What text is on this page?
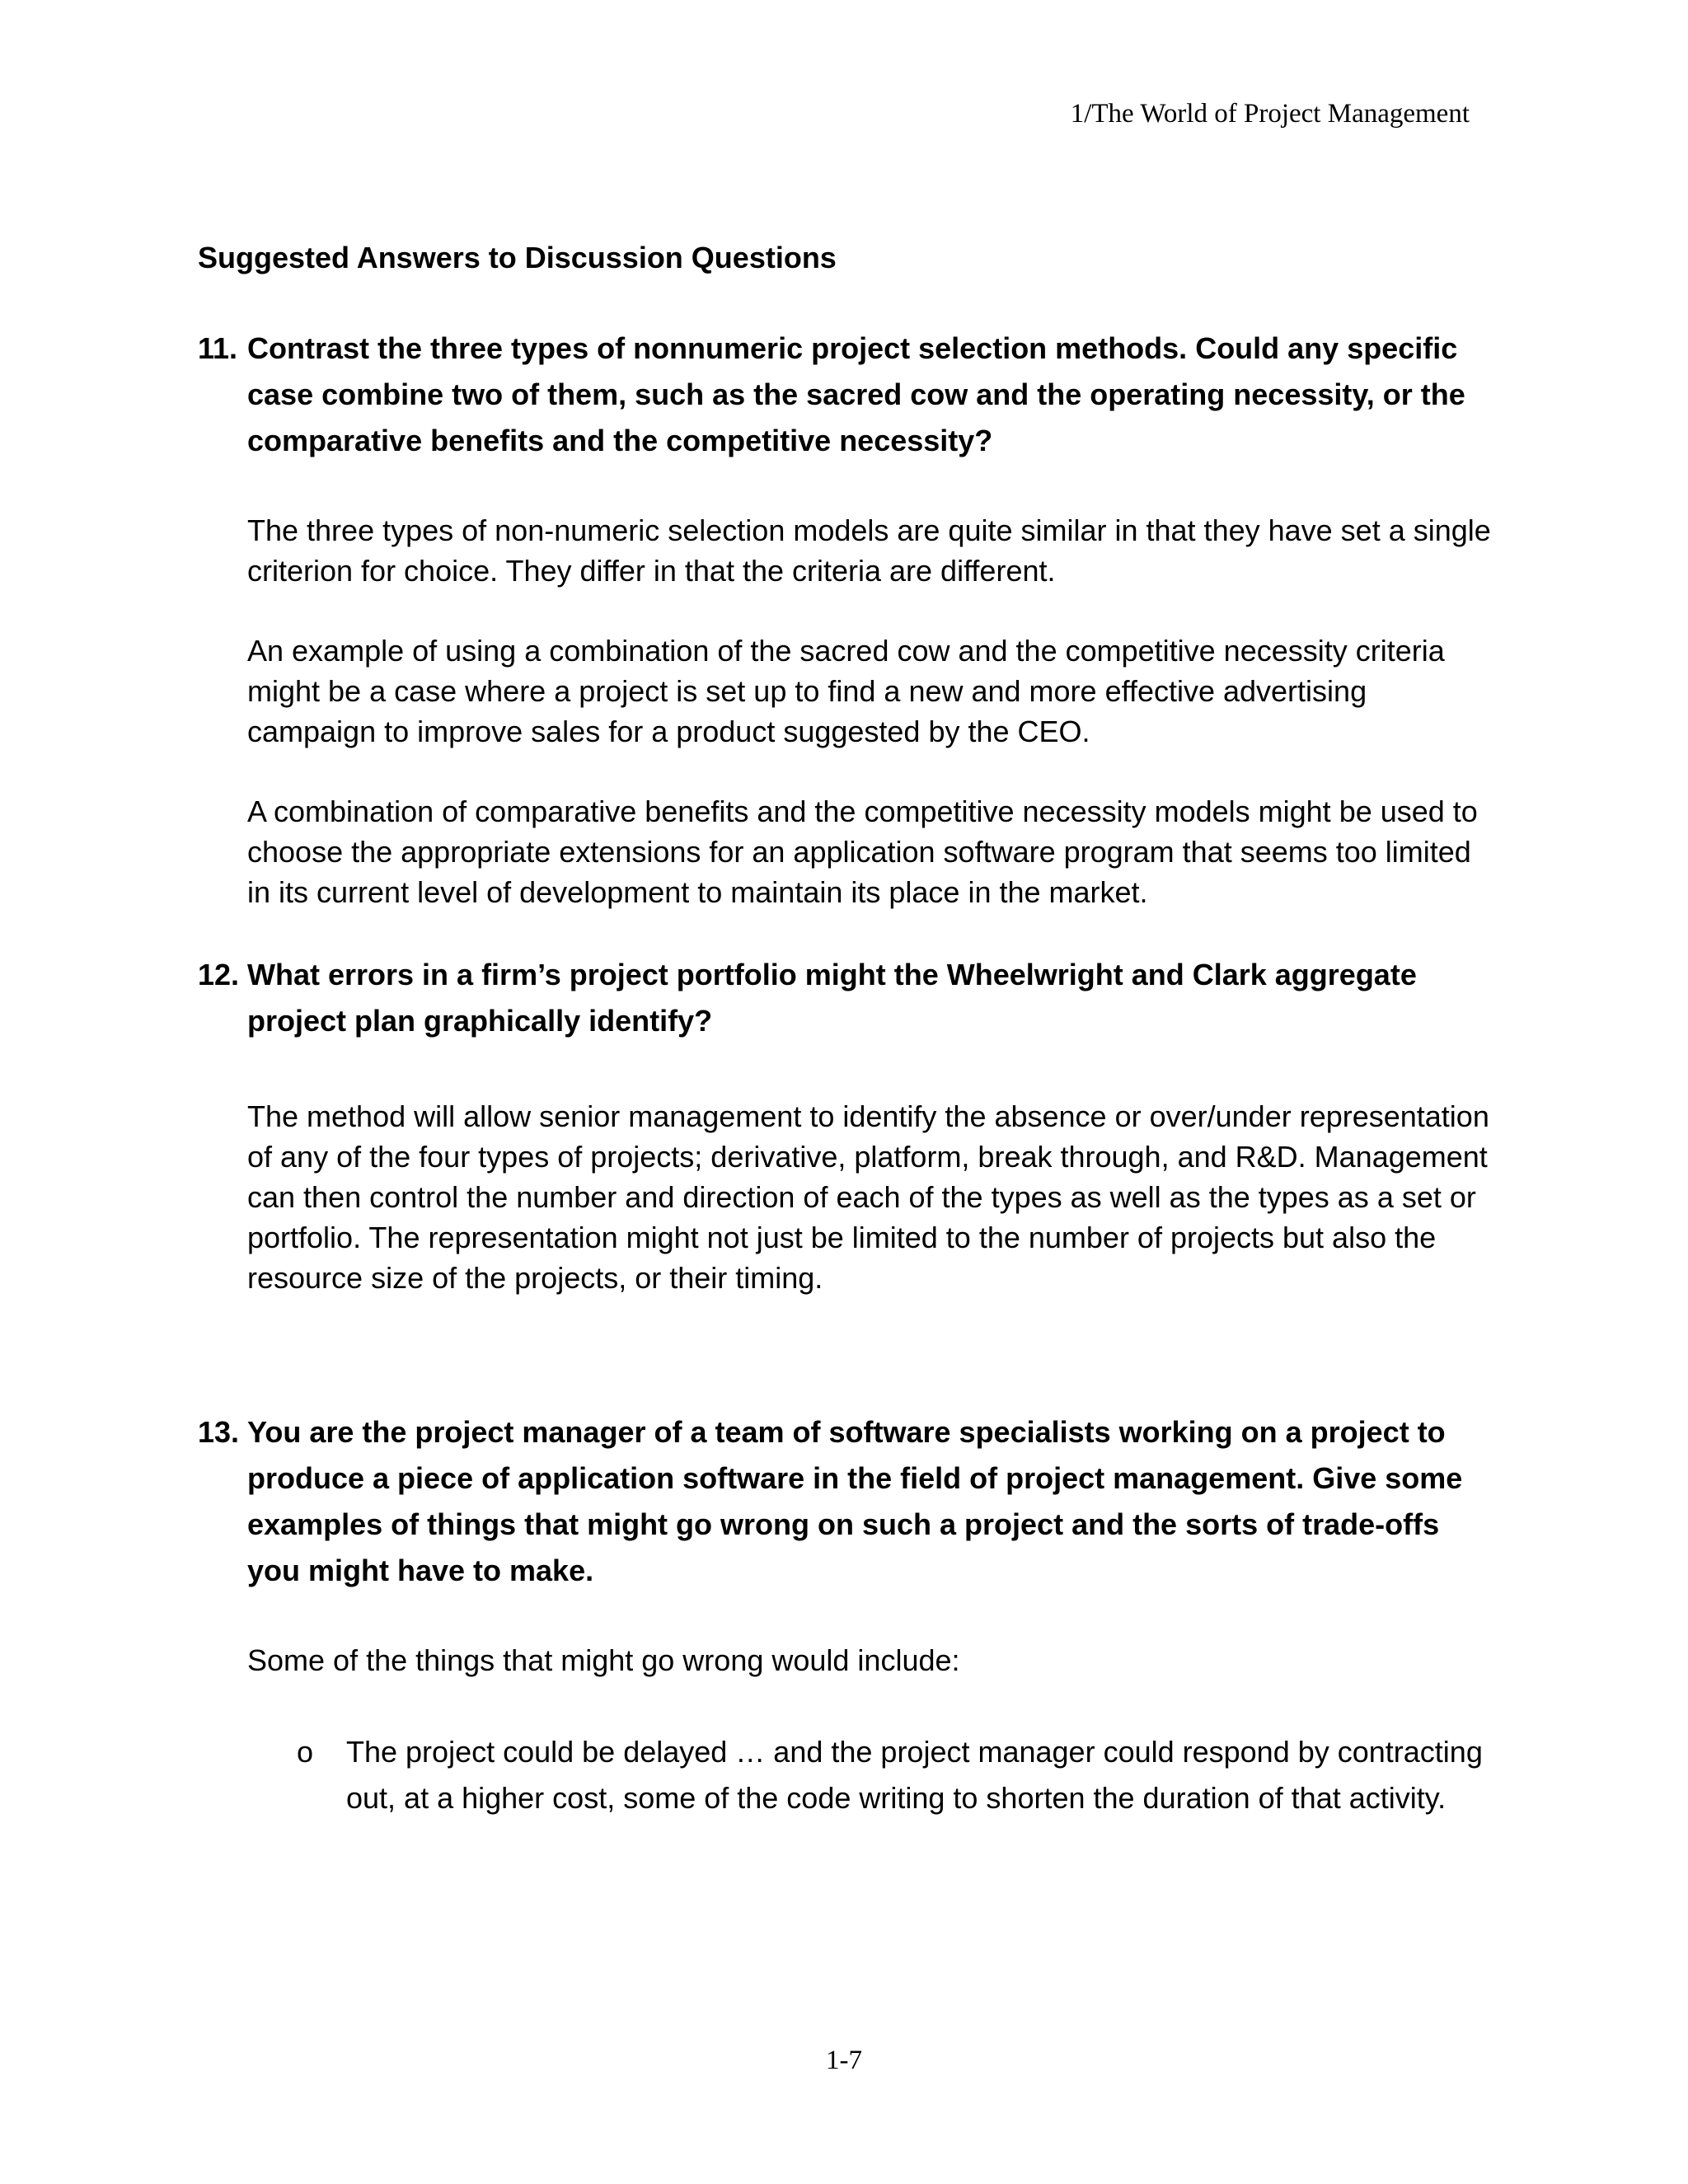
1/The World of Project Management
Suggested Answers to Discussion Questions
11. Contrast the three types of nonnumeric project selection methods. Could any specific case combine two of them, such as the sacred cow and the operating necessity, or the comparative benefits and the competitive necessity?
The three types of non-numeric selection models are quite similar in that they have set a single criterion for choice. They differ in that the criteria are different.
An example of using a combination of the sacred cow and the competitive necessity criteria might be a case where a project is set up to find a new and more effective advertising campaign to improve sales for a product suggested by the CEO.
A combination of comparative benefits and the competitive necessity models might be used to choose the appropriate extensions for an application software program that seems too limited in its current level of development to maintain its place in the market.
12. What errors in a firm’s project portfolio might the Wheelwright and Clark aggregate project plan graphically identify?
The method will allow senior management to identify the absence or over/under representation of any of the four types of projects; derivative, platform, break through, and R&D. Management can then control the number and direction of each of the types as well as the types as a set or portfolio. The representation might not just be limited to the number of projects but also the resource size of the projects, or their timing.
13. You are the project manager of a team of software specialists working on a project to produce a piece of application software in the field of project management. Give some examples of things that might go wrong on such a project and the sorts of trade-offs you might have to make.
Some of the things that might go wrong would include:
o The project could be delayed … and the project manager could respond by contracting out, at a higher cost, some of the code writing to shorten the duration of that activity.
1-7
